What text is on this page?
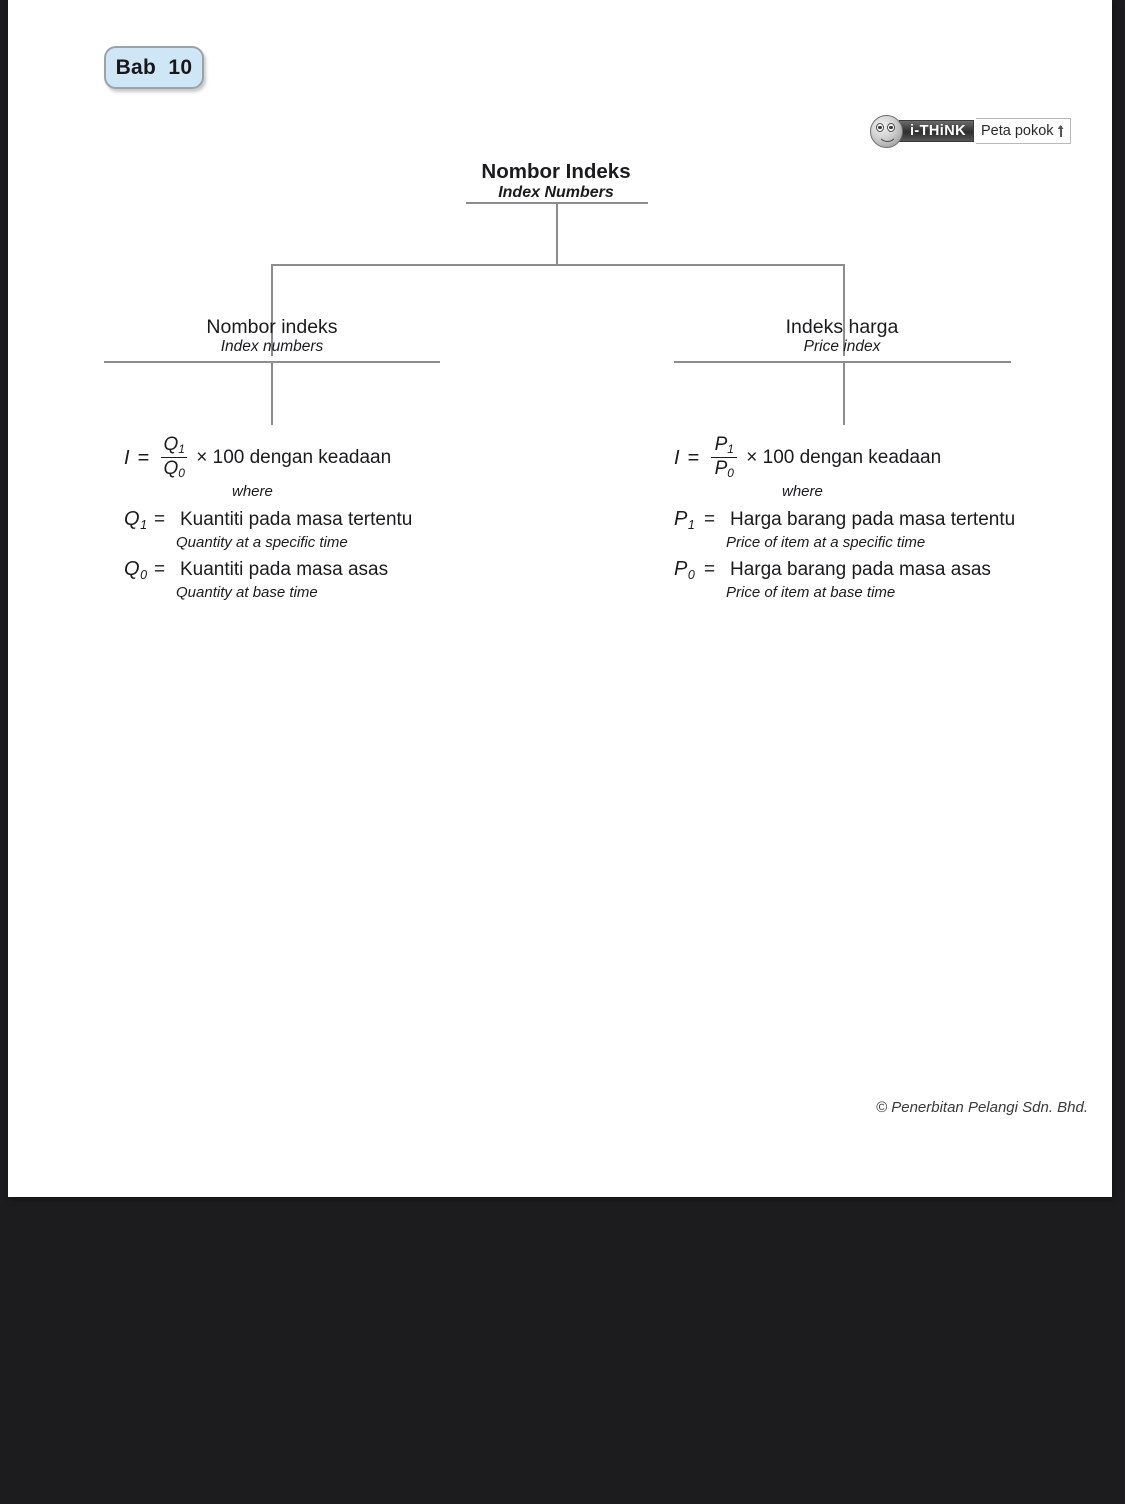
Bab  10
i-THiNK	Peta pokok
Nombor Indeks
Index Numbers
Nombor indeks
Index numbers
Indeks harga
Price index
$I = \frac{Q_1}{Q_0} \times 100$ dengan keadaan
where
$Q_1$ = Kuantiti pada masa tertentu
Quantity at a specific time
$Q_0$ = Kuantiti pada masa asas
Quantity at base time
$I = \frac{P_1}{P_0} \times 100$ dengan keadaan
where
$P_1$ = Harga barang pada masa tertentu
Price of item at a specific time
$P_0$ = Harga barang pada masa asas
Price of item at base time
© Penerbitan Pelangi Sdn. Bhd.
